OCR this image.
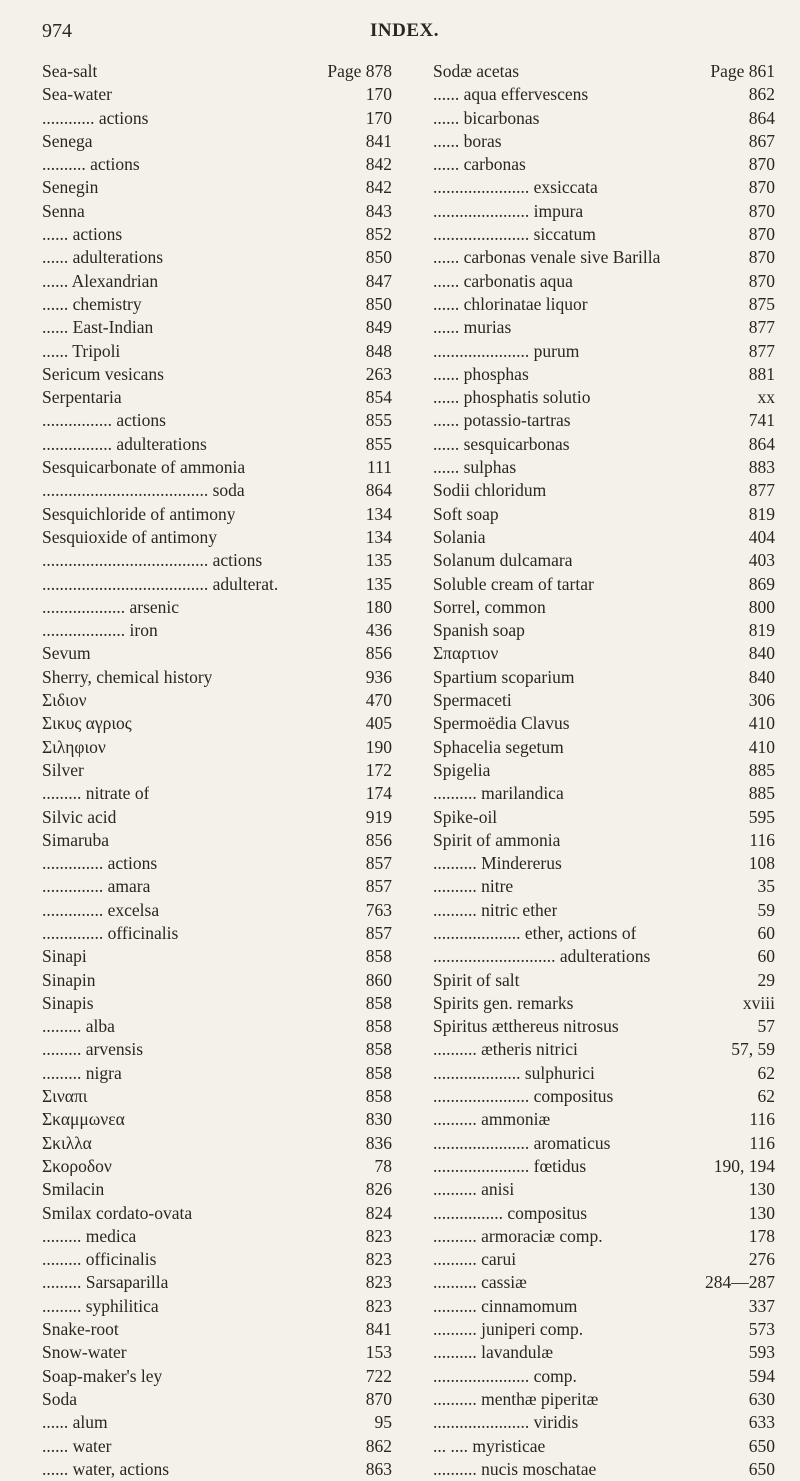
974	INDEX.
Sea-salt	Page 878
Sea-water	170
............ actions	170
Senega	841
.......... actions	842
Senegin	842
Senna	843
...... actions	852
...... adulterations	850
...... Alexandrian	847
...... chemistry	850
...... East-Indian	849
...... Tripoli	848
Sericum vesicans	263
Serpentaria	854
................ actions	855
................ adulterations	855
Sesquicarbonate of ammonia	111
...................................... soda	864
Sesquichloride of antimony	134
Sesquioxide of antimony	134
...................................... actions	135
...................................... adulterat.	135
................... arsenic	180
................... iron	436
Sevum	856
Sherry, chemical history	936
Σιδιον	470
Σικυς αγριος	405
Σιληφιον	190
Silver	172
......... nitrate of	174
Silvic acid	919
Simaruba	856
.............. actions	857
.............. amara	857
.............. excelsa	763
.............. officinalis	857
Sinapi	858
Sinapin	860
Sinapis	858
......... alba	858
......... arvensis	858
......... nigra	858
Σιναπι	858
Σκαμμωνεα	830
Σκιλλα	836
Σκοροδον	78
Smilacin	826
Smilax cordato-ovata	824
......... medica	823
......... officinalis	823
......... Sarsaparilla	823
......... syphilitica	823
Snake-root	841
Snow-water	153
Soap-maker's ley	722
Soda	870
...... alum	95
...... water	862
...... water, actions	863
Sodæ acetas	Page 861
...... aqua effervescens	862
...... bicarbonas	864
...... boras	867
...... carbonas	870
...................... exsiccata	870
...................... impura	870
...................... siccatum	870
...... carbonas venale sive Barilla	870
...... carbonatis aqua	870
...... chlorinatae liquor	875
...... murias	877
...................... purum	877
...... phosphas	881
...... phosphatis solutio	xx
...... potassio-tartras	741
...... sesquicarbonas	864
...... sulphas	883
Sodii chloridum	877
Soft soap	819
Solania	404
Solanum dulcamara	403
Soluble cream of tartar	869
Sorrel, common	800
Spanish soap	819
Σπαρτιον	840
Spartium scoparium	840
Spermaceti	306
Spermoëdia Clavus	410
Sphacelia segetum	410
Spigelia	885
.......... marilandica	885
Spike-oil	595
Spirit of ammonia	116
.......... Mindererus	108
.......... nitre	35
.......... nitric ether	59
.................... ether, actions of	60
............................ adulterations	60
Spirit of salt	29
Spirits gen. remarks	xviii
Spiritus ætthereus nitrosus	57
.......... ætheris nitrici	57, 59
.................... sulphurici	62
...................... compositus	62
.......... ammoniæ	116
...................... aromaticus	116
...................... fœtidus	190, 194
.......... anisi	130
................ compositus	130
.......... armoraciæ comp.	178
.......... carui	276
.......... cassiæ	284—287
.......... cinnamomum	337
.......... juniperi comp.	573
.......... lavandulæ	593
...................... comp.	594
.......... menthæ piperitæ	630
...................... viridis	633
... .... myristicae	650
.......... nucis moschatae	650
